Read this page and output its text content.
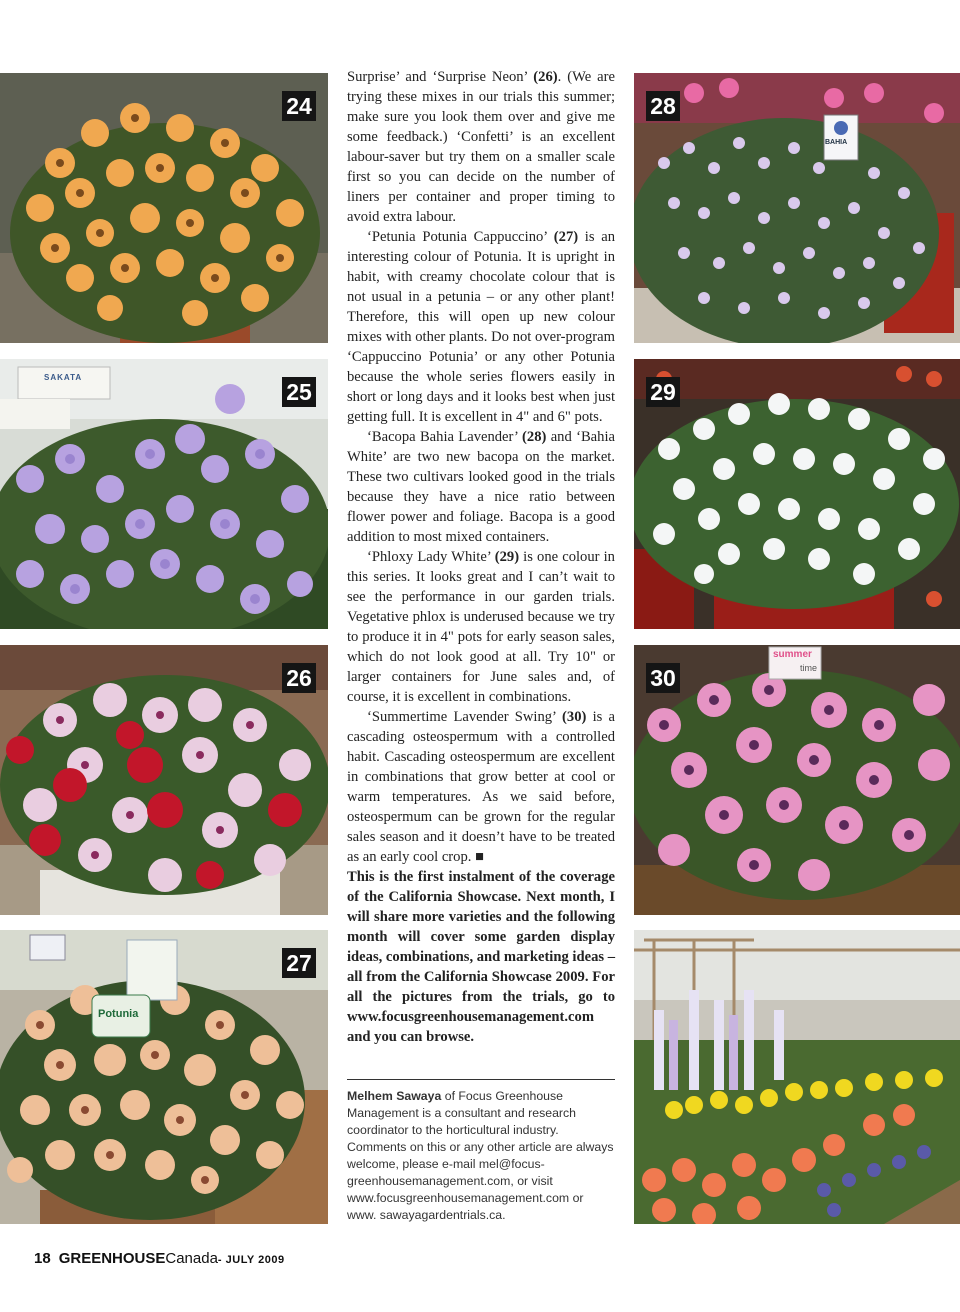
24
SAKATA
25
26
Potunia
27
BAHIA
28
29
summer
time
30

Surprise’ and ‘Surprise Neon’ (26). (We are trying these mixes in our trials this summer; make sure you look them over and give me some feedback.) ‘Confetti’ is an excellent labour-saver but try them on a smaller scale first so you can decide on the number of liners per container and proper timing to avoid extra labour.

‘Petunia Potunia Cappuccino’ (27) is an interesting colour of Potunia. It is upright in habit, with creamy chocolate colour that is not usual in a petunia – or any other plant! Therefore, this will open up new colour mixes with other plants. Do not over-program ‘Cappuccino Potunia’ or any other Potunia because the whole series flowers easily in short or long days and it looks best when just getting full. It is excellent in 4" and 6" pots.

‘Bacopa Bahia Lavender’ (28) and ‘Bahia White’ are two new bacopa on the market. These two cultivars looked good in the trials because they have a nice ratio between flower power and foliage. Bacopa is a good addition to most mixed containers.

‘Phloxy Lady White’ (29) is one colour in this series. It looks great and I can’t wait to see the performance in our garden trials. Vegetative phlox is underused because we try to produce it in 4" pots for early season sales, which do not look good at all. Try 10" or larger containers for June sales and, of course, it is excellent in combinations.

‘Summertime Lavender Swing’ (30) is a cascading osteospermum with a controlled habit. Cascading osteospermum are excellent in combinations that grow better at cool or warm temperatures. As we said before, osteospermum can be grown for the regular sales season and it doesn’t have to be treated as an early cool crop. ■

This is the first instalment of the coverage of the California Showcase. Next month, I will share more varieties and the following month will cover some garden display ideas, combinations, and marketing ideas – all from the California Showcase 2009. For all the pictures from the trials, go to www.focusgreenhousemanagement.com and you can browse.

Melhem Sawaya of Focus Greenhouse Management is a consultant and research coordinator to the horticultural industry. Comments on this or any other article are always welcome, please e-mail mel@focus-greenhousemanagement.com, or visit www.focusgreenhousemanagement.com or www. sawayagardentrials.ca.
18 GREENHOUSECanada- JULY 2009
